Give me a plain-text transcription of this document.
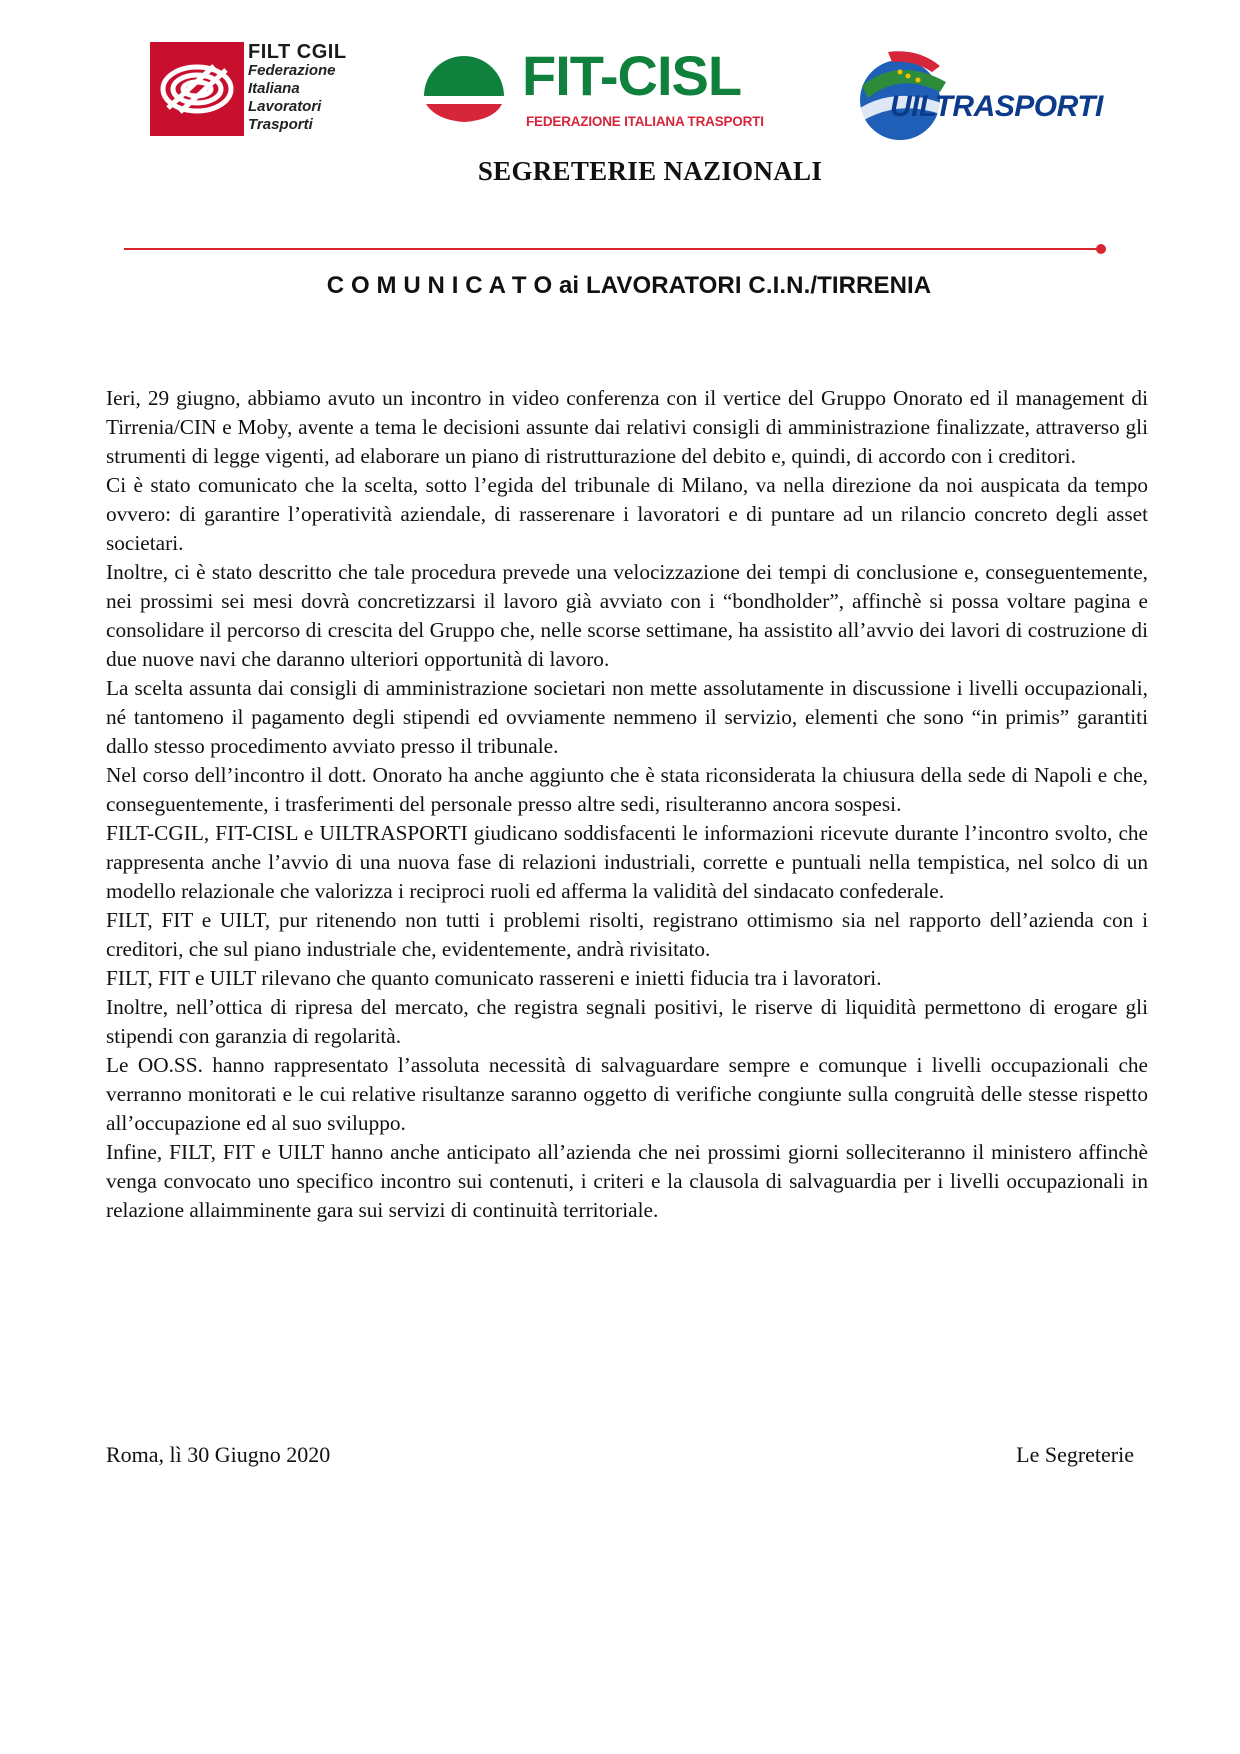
FILT CGIL
Federazione
Italiana
Lavoratori
Trasporti
FIT-CISL
FEDERAZIONE ITALIANA TRASPORTI	UILTRASPORTI
SEGRETERIE NAZIONALI
C O M U N I C A T O ai LAVORATORI C.I.N./TIRRENIA

Ieri, 29 giugno, abbiamo avuto un incontro in video conferenza con il vertice del Gruppo Onorato ed il management di Tirrenia/CIN e Moby, avente a tema le decisioni assunte dai relativi consigli di amministrazione finalizzate, attraverso gli strumenti di legge vigenti, ad elaborare un piano di ristrutturazione del debito e, quindi, di accordo con i creditori.

Ci è stato comunicato che la scelta, sotto l’egida del tribunale di Milano, va nella direzione da noi auspicata da tempo ovvero: di garantire l’operatività aziendale, di rasserenare i lavoratori e di puntare ad un rilancio concreto degli asset societari.

Inoltre, ci è stato descritto che tale procedura prevede una velocizzazione dei tempi di conclusione e, conseguentemente, nei prossimi sei mesi dovrà concretizzarsi il lavoro già avviato con i “bondholder”, affinchè si possa voltare pagina e consolidare il percorso di crescita del Gruppo che, nelle scorse settimane, ha assistito all’avvio dei lavori di costruzione di due nuove navi che daranno ulteriori opportunità di lavoro.

La scelta assunta dai consigli di amministrazione societari non mette assolutamente in discussione i livelli occupazionali, né tantomeno il pagamento degli stipendi ed ovviamente nemmeno il servizio, elementi che sono “in primis” garantiti dallo stesso procedimento avviato presso il tribunale.

Nel corso dell’incontro il dott. Onorato ha anche aggiunto che è stata riconsiderata la chiusura della sede di Napoli e che, conseguentemente, i trasferimenti del personale presso altre sedi, risulteranno ancora sospesi.

FILT-CGIL, FIT-CISL e UILTRASPORTI giudicano soddisfacenti le informazioni ricevute durante l’incontro svolto, che rappresenta anche l’avvio di una nuova fase di relazioni industriali, corrette e puntuali nella tempistica, nel solco di un modello relazionale che valorizza i reciproci ruoli ed afferma la validità del sindacato confederale.

FILT, FIT e UILT, pur ritenendo non tutti i problemi risolti, registrano ottimismo sia nel rapporto dell’azienda con i creditori, che sul piano industriale che, evidentemente, andrà rivisitato.

FILT, FIT e UILT rilevano che quanto comunicato rassereni e inietti fiducia tra i lavoratori.

Inoltre, nell’ottica di ripresa del mercato, che registra segnali positivi, le riserve di liquidità permettono di erogare gli stipendi con garanzia di regolarità.

Le OO.SS. hanno rappresentato l’assoluta necessità di salvaguardare sempre e comunque i livelli occupazionali che verranno monitorati e le cui relative risultanze saranno oggetto di verifiche congiunte sulla congruità delle stesse rispetto all’occupazione ed al suo sviluppo.

Infine, FILT, FIT e UILT hanno anche anticipato all’azienda che nei prossimi giorni solleciteranno il ministero affinchè venga convocato uno specifico incontro sui contenuti, i criteri e la clausola di salvaguardia per i livelli occupazionali in relazione allaimminente gara sui servizi di continuità territoriale.

Roma, lì 30 Giugno 2020	Le Segreterie
